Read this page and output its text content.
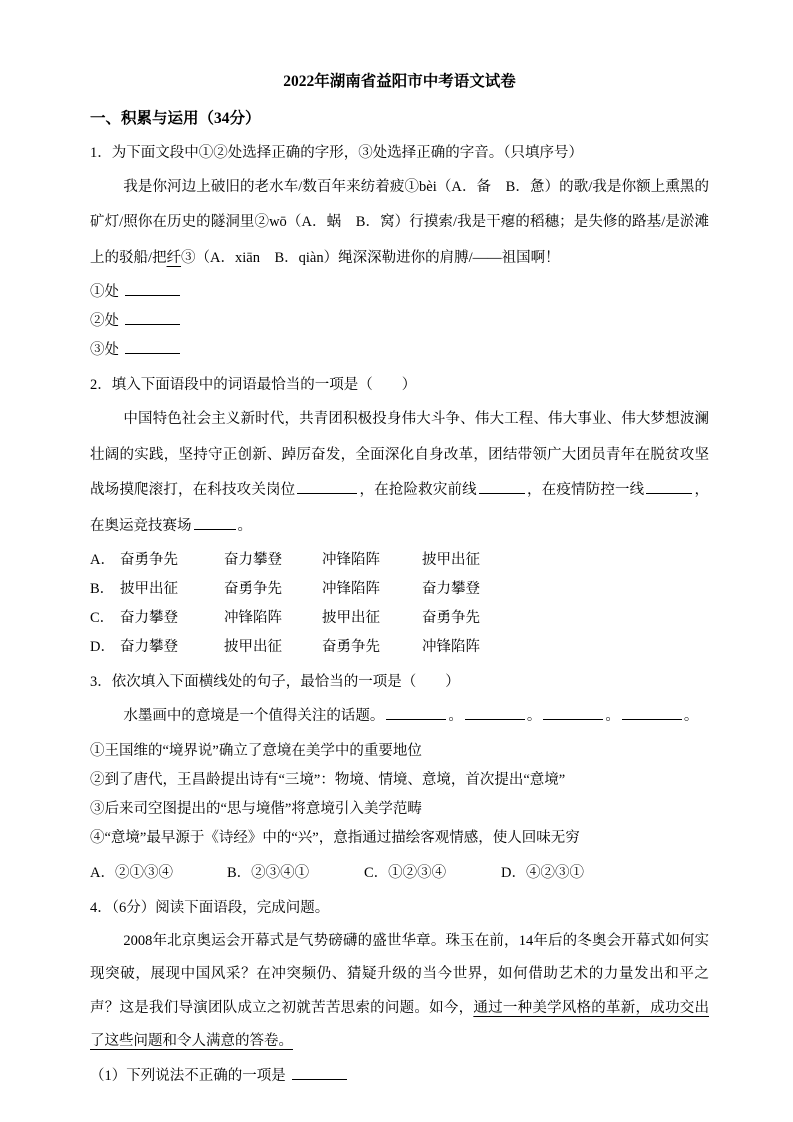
2022年湖南省益阳市中考语文试卷
一、积累与运用（34分）
1．为下面文段中①②处选择正确的字形，③处选择正确的字音。（只填序号）
我是你河边上破旧的老水车/数百年来纺着疲①bèi（A．备　B．惫）的歌/我是你额上熏黑的矿灯/照你在历史的隧洞里②wō（A．蜗　B．窝）行摸索/我是干瘪的稻穗；是失修的路基/是淤滩上的驳船/把纤③（A．xiān　B．qiàn）绳深深勒进你的肩膊/——祖国啊！
①处
②处
③处
2．填入下面语段中的词语最恰当的一项是（　　）
中国特色社会主义新时代，共青团积极投身伟大斗争、伟大工程、伟大事业、伟大梦想波澜壮阔的实践，坚持守正创新、踔厉奋发，全面深化自身改革，团结带领广大团员青年在脱贫攻坚战场摸爬滚打，在科技攻关岗位	，在抢险救灾前线	，在疫情防控一线	，在奥运竞技赛场	。
A． 奋勇争先	奋力攀登	冲锋陷阵	披甲出征
B． 披甲出征	奋勇争先	冲锋陷阵	奋力攀登
C． 奋力攀登	冲锋陷阵	披甲出征	奋勇争先
D． 奋力攀登	披甲出征	奋勇争先	冲锋陷阵
3．依次填入下面横线处的句子，最恰当的一项是（　　）
水墨画中的意境是一个值得关注的话题。	。	。	。	。
①王国维的“境界说”确立了意境在美学中的重要地位
②到了唐代，王昌龄提出诗有“三境”：物境、情境、意境，首次提出“意境”
③后来司空图提出的“思与境偕”将意境引入美学范畴
④“意境”最早源于《诗经》中的“兴”，意指通过描绘客观情感，使人回味无穷
A．②①③④	B．②③④①	C．①②③④	D．④②③①
4．（6分）阅读下面语段，完成问题。
2008年北京奥运会开幕式是气势磅礴的盛世华章。珠玉在前，14年后的冬奥会开幕式如何实现突破，展现中国风采？在冲突频仍、猜疑升级的当今世界，如何借助艺术的力量发出和平之声？这是我们导演团队成立之初就苦苦思索的问题。如今，通过一种美学风格的革新，成功交出了这些问题和令人满意的答卷。
（1）下列说法不正确的一项是
